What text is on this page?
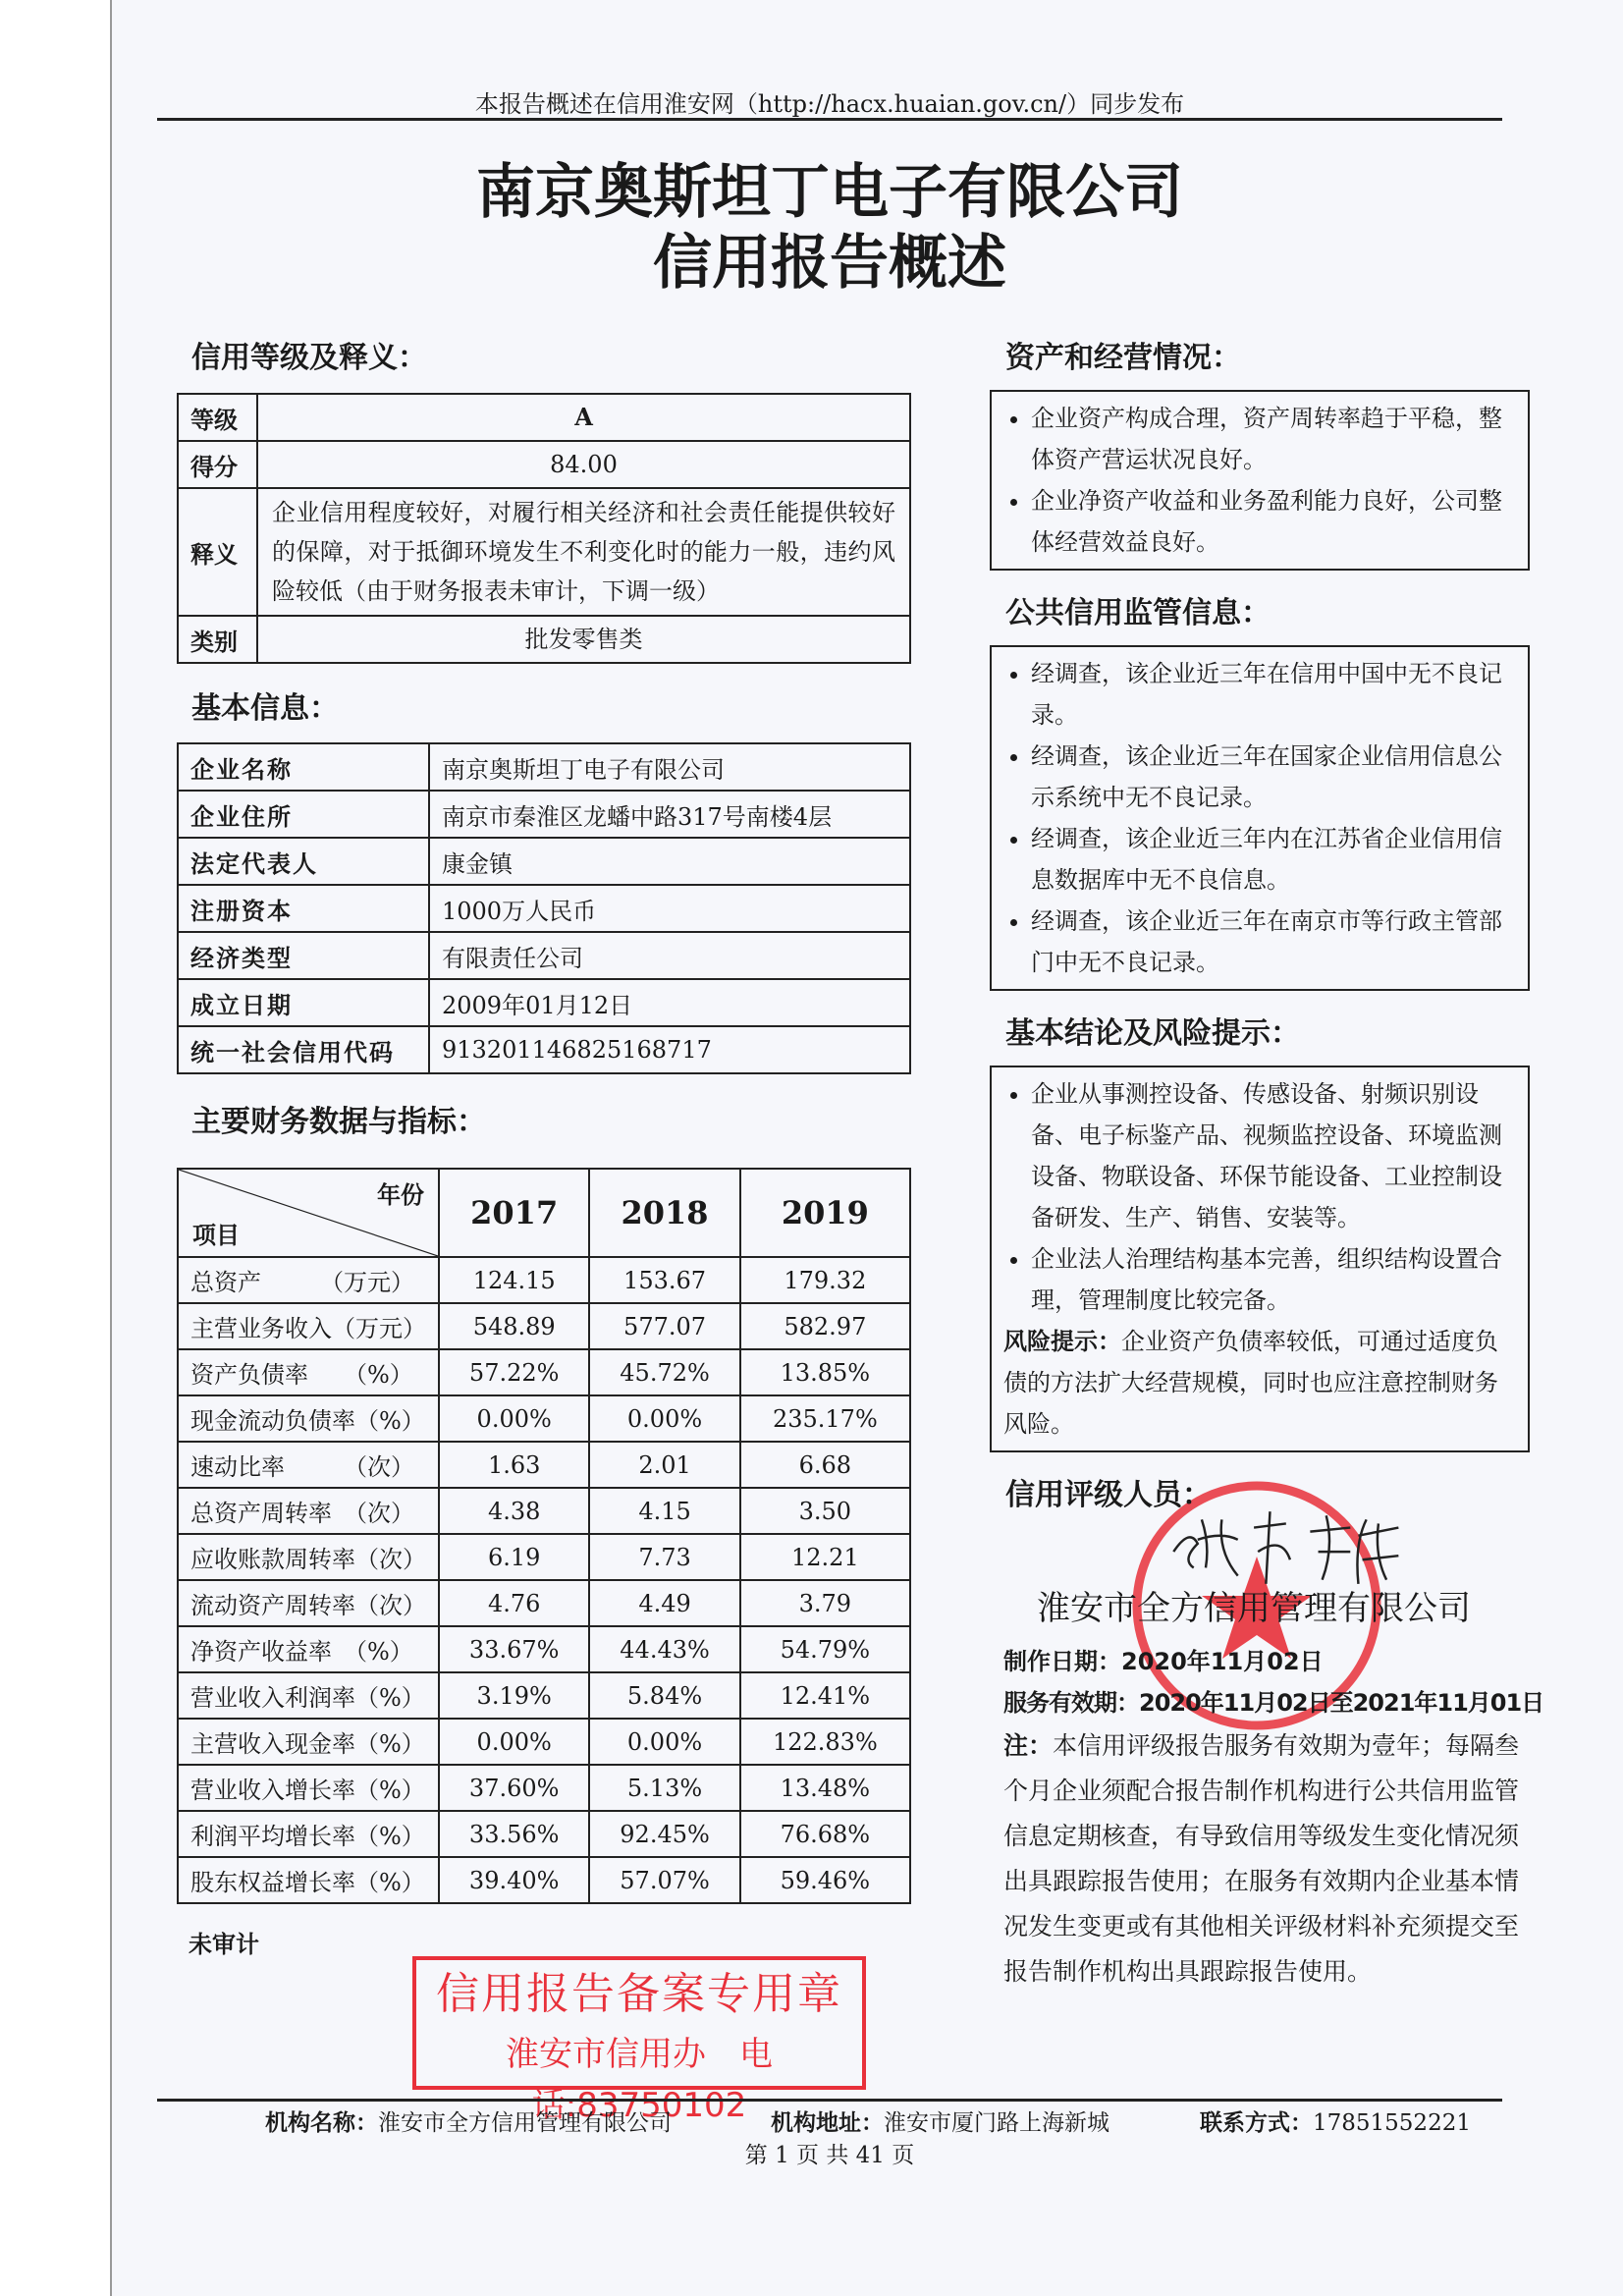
本报告概述在信用淮安网（http://hacx.huaian.gov.cn/）同步发布
南京奥斯坦丁电子有限公司
信用报告概述
信用等级及释义：
等级	A
得分	84.00
释义	企业信用程度较好，对履行相关经济和社会责任能提供较好的保障，对于抵御环境发生不利变化时的能力一般，违约风险较低（由于财务报表未审计，下调一级）
类别	批发零售类
基本信息：
企业名称	南京奥斯坦丁电子有限公司
企业住所	南京市秦淮区龙蟠中路317号南楼4层
法定代表人	康金镇
注册资本	1000万人民币
经济类型	有限责任公司
成立日期	2009年01月12日
统一社会信用代码	913201146825168717
主要财务数据与指标：
年份
项目	2017	2018	2019
总资产　　　（万元）	124.15	153.67	179.32
主营业务收入（万元）	548.89	577.07	582.97
资产负债率　　（%）	57.22%	45.72%	13.85%
现金流动负债率（%）	0.00%	0.00%	235.17%
速动比率　　　（次）	1.63	2.01	6.68
总资产周转率　（次）	4.38	4.15	3.50
应收账款周转率（次）	6.19	7.73	12.21
流动资产周转率（次）	4.76	4.49	3.79
净资产收益率　（%）	33.67%	44.43%	54.79%
营业收入利润率（%）	3.19%	5.84%	12.41%
主营收入现金率（%）	0.00%	0.00%	122.83%
营业收入增长率（%）	37.60%	5.13%	13.48%
利润平均增长率（%）	33.56%	92.45%	76.68%
股东权益增长率（%）	39.40%	57.07%	59.46%
未审计
信用报告备案专用章
淮安市信用办　电话:83750102
资产和经营情况：
• 企业资产构成合理，资产周转率趋于平稳，整体资产营运状况良好。
• 企业净资产收益和业务盈利能力良好，公司整体经营效益良好。
公共信用监管信息：
• 经调查，该企业近三年在信用中国中无不良记录。
• 经调查，该企业近三年在国家企业信用信息公示系统中无不良记录。
• 经调查，该企业近三年内在江苏省企业信用信息数据库中无不良信息。
• 经调查，该企业近三年在南京市等行政主管部门中无不良记录。
基本结论及风险提示：
• 企业从事测控设备、传感设备、射频识别设备、电子标鉴产品、视频监控设备、环境监测设备、物联设备、环保节能设备、工业控制设备研发、生产、销售、安装等。
• 企业法人治理结构基本完善，组织结构设置合理，管理制度比较完备。
风险提示：企业资产负债率较低，可通过适度负债的方法扩大经营规模，同时也应注意控制财务风险。
信用评级人员：
淮安市全方信用管理有限公司
制作日期：2020年11月02日
服务有效期：2020年11月02日至2021年11月01日
注：本信用评级报告服务有效期为壹年；每隔叁个月企业须配合报告制作机构进行公共信用监管信息定期核查，有导致信用等级发生变化情况须出具跟踪报告使用；在服务有效期内企业基本情况发生变更或有其他相关评级材料补充须提交至报告制作机构出具跟踪报告使用。
机构名称：淮安市全方信用管理有限公司	机构地址：淮安市厦门路上海新城	联系方式：17851552221
第 1 页 共 41 页
